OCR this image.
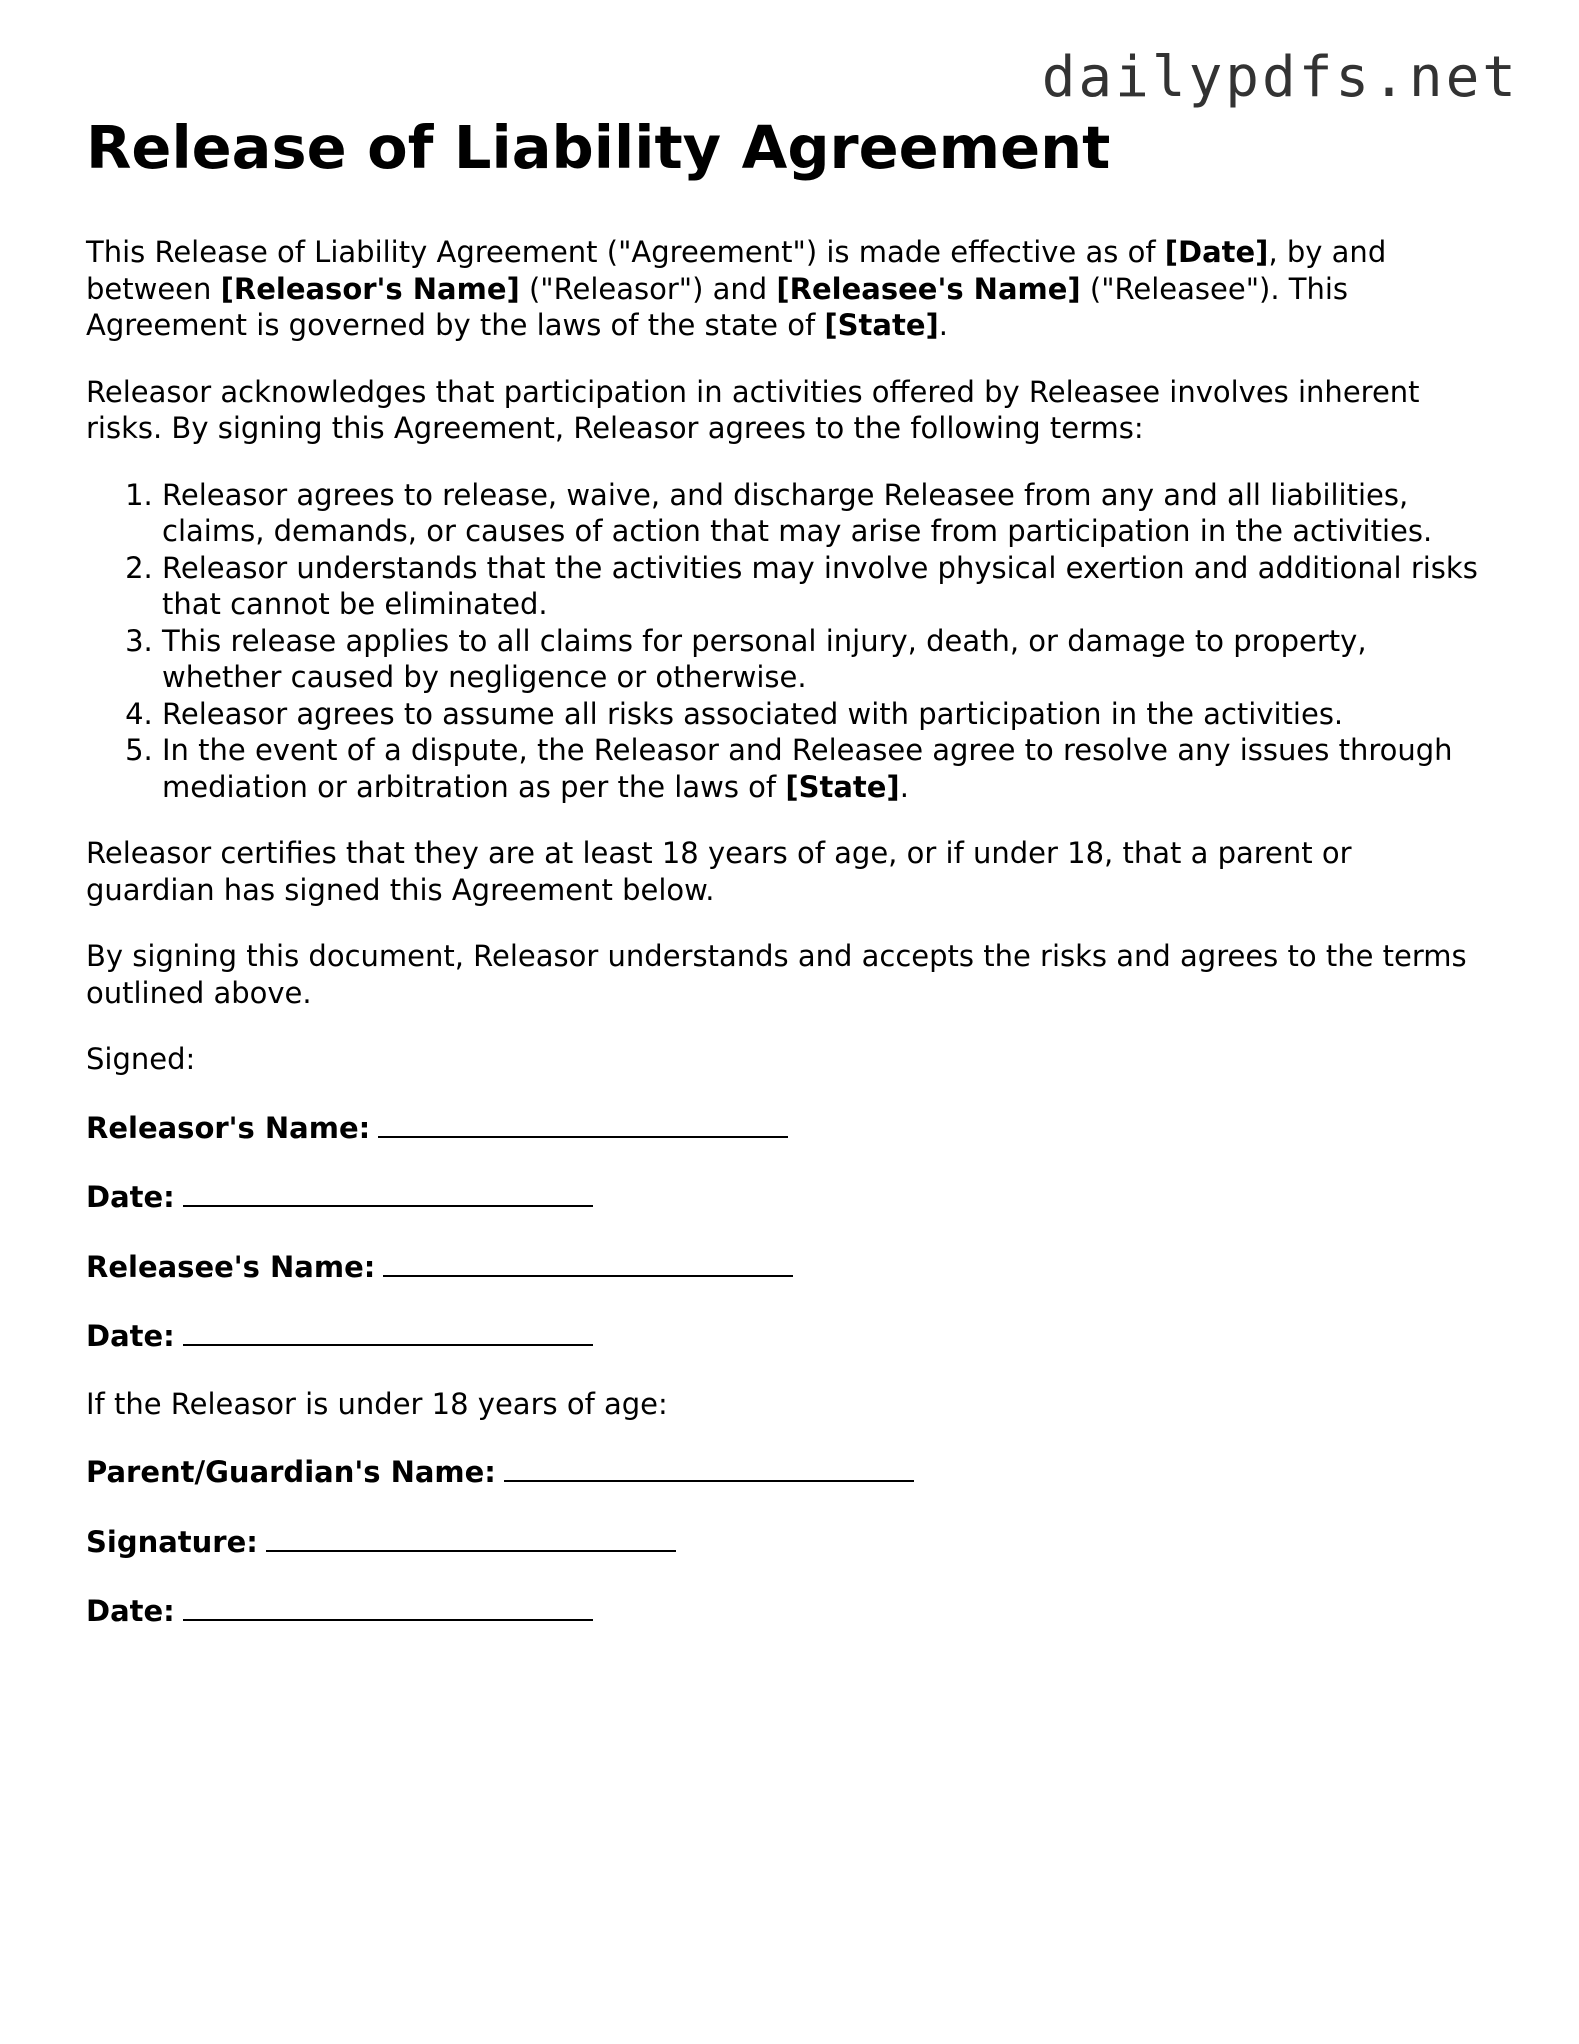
dailypdfs.net
Release of Liability Agreement

This Release of Liability Agreement ("Agreement") is made effective as of [Date], by and between [Releasor's Name] ("Releasor") and [Releasee's Name] ("Releasee"). This Agreement is governed by the laws of the state of [State].

Releasor acknowledges that participation in activities offered by Releasee involves inherent risks. By signing this Agreement, Releasor agrees to the following terms:

1. Releasor agrees to release, waive, and discharge Releasee from any and all liabilities, claims, demands, or causes of action that may arise from participation in the activities.
2. Releasor understands that the activities may involve physical exertion and additional risks that cannot be eliminated.
3. This release applies to all claims for personal injury, death, or damage to property, whether caused by negligence or otherwise.
4. Releasor agrees to assume all risks associated with participation in the activities.
5. In the event of a dispute, the Releasor and Releasee agree to resolve any issues through mediation or arbitration as per the laws of [State].

Releasor certifies that they are at least 18 years of age, or if under 18, that a parent or guardian has signed this Agreement below.

By signing this document, Releasor understands and accepts the risks and agrees to the terms outlined above.

Signed:

Releasor's Name:
Date:
Releasee's Name:
Date:

If the Releasor is under 18 years of age:

Parent/Guardian's Name:
Signature:
Date:
